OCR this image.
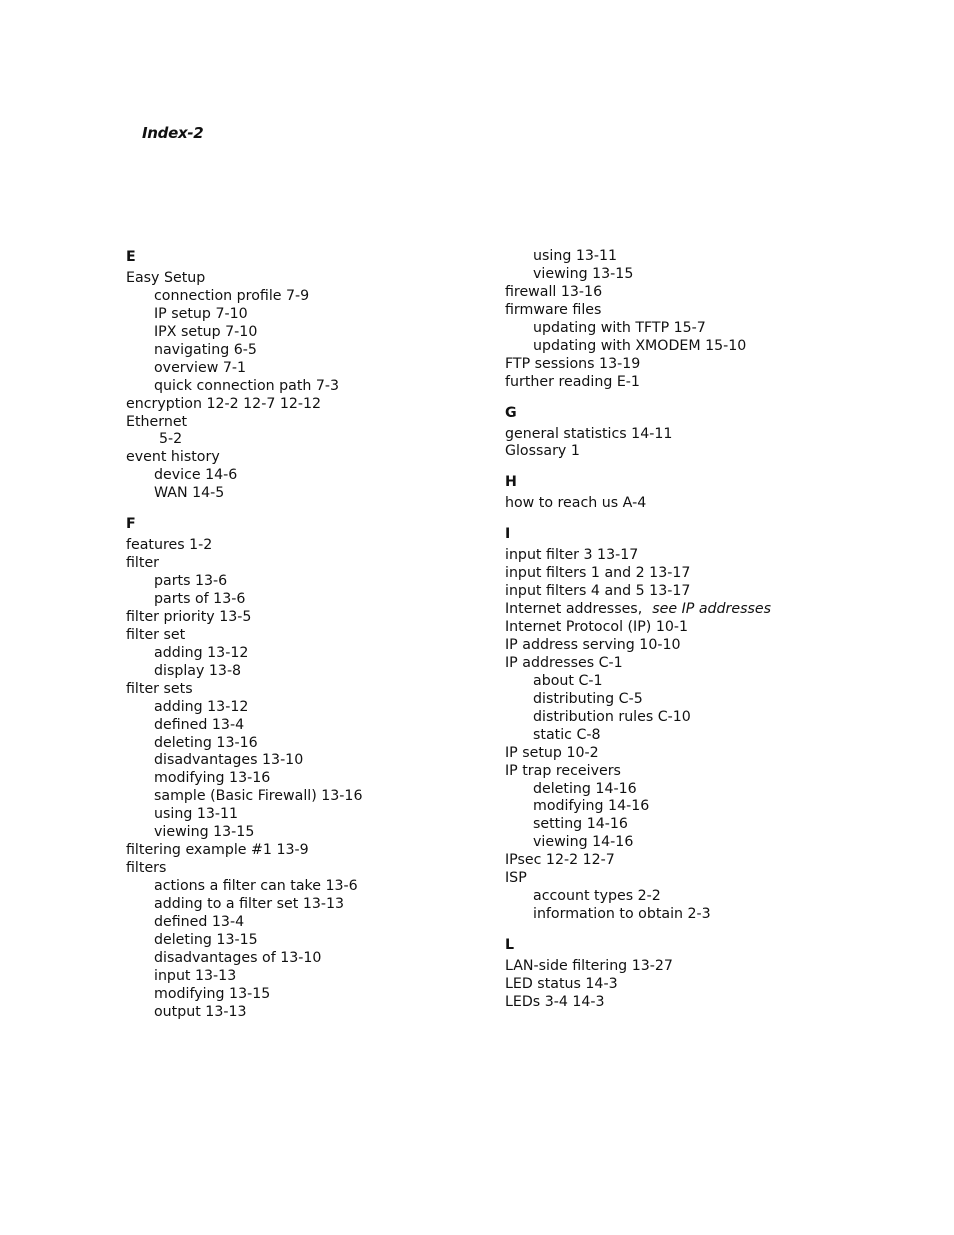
Index-2
E
Easy Setup
connection profile 7-9
IP setup 7-10
IPX setup 7-10
navigating 6-5
overview 7-1
quick connection path 7-3
encryption 12-2 12-7 12-12
Ethernet
5-2
event history
device 14-6
WAN 14-5
F
features 1-2
filter
parts 13-6
parts of 13-6
filter priority 13-5
filter set
adding 13-12
display 13-8
filter sets
adding 13-12
defined 13-4
deleting 13-16
disadvantages 13-10
modifying 13-16
sample (Basic Firewall) 13-16
using 13-11
viewing 13-15
filtering example #1 13-9
filters
actions a filter can take 13-6
adding to a filter set 13-13
defined 13-4
deleting 13-15
disadvantages of 13-10
input 13-13
modifying 13-15
output 13-13
using 13-11
viewing 13-15
firewall 13-16
firmware files
updating with TFTP 15-7
updating with XMODEM 15-10
FTP sessions 13-19
further reading E-1
G
general statistics 14-11
Glossary 1
H
how to reach us A-4
I
input filter 3 13-17
input filters 1 and 2 13-17
input filters 4 and 5 13-17
Internet addresses, see IP addresses
Internet Protocol (IP) 10-1
IP address serving 10-10
IP addresses C-1
about C-1
distributing C-5
distribution rules C-10
static C-8
IP setup 10-2
IP trap receivers
deleting 14-16
modifying 14-16
setting 14-16
viewing 14-16
IPsec 12-2 12-7
ISP
account types 2-2
information to obtain 2-3
L
LAN-side filtering 13-27
LED status 14-3
LEDs 3-4 14-3
